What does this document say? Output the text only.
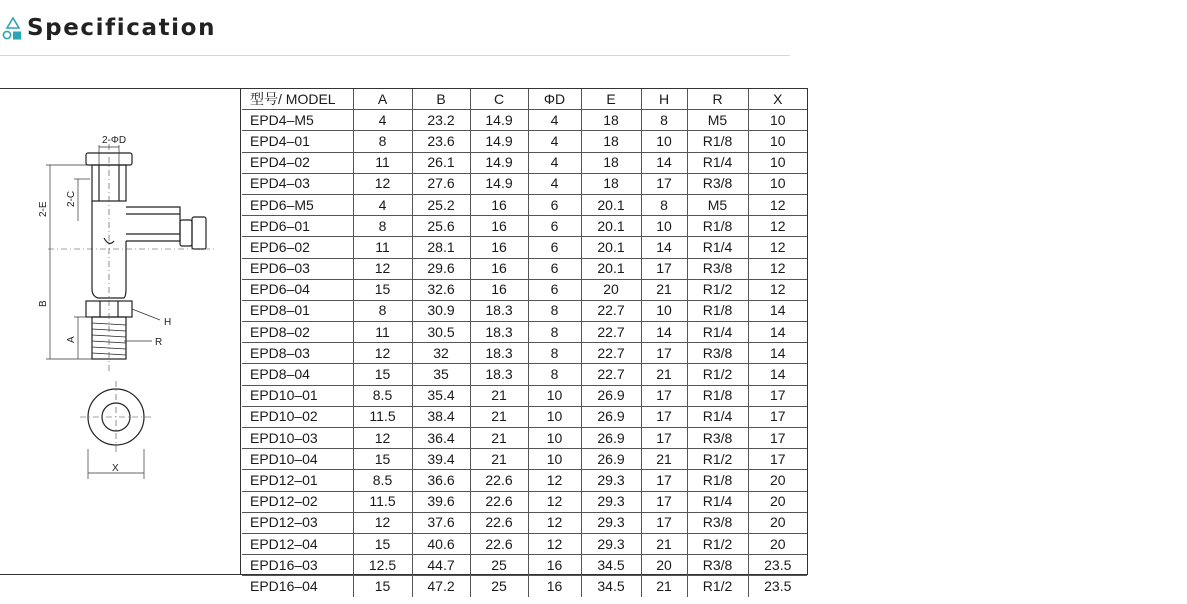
Specification
2-ΦD
2-C
2-E
B
A
H
R
X
型号/ MODEL	A	B	C	ΦD	E	H	R	X
EPD4–M5	4	23.2	14.9	4	18	8	M5	10
EPD4–01	8	23.6	14.9	4	18	10	R1/8	10
EPD4–02	11	26.1	14.9	4	18	14	R1/4	10
EPD4–03	12	27.6	14.9	4	18	17	R3/8	10
EPD6–M5	4	25.2	16	6	20.1	8	M5	12
EPD6–01	8	25.6	16	6	20.1	10	R1/8	12
EPD6–02	11	28.1	16	6	20.1	14	R1/4	12
EPD6–03	12	29.6	16	6	20.1	17	R3/8	12
EPD6–04	15	32.6	16	6	20	21	R1/2	12
EPD8–01	8	30.9	18.3	8	22.7	10	R1/8	14
EPD8–02	11	30.5	18.3	8	22.7	14	R1/4	14
EPD8–03	12	32	18.3	8	22.7	17	R3/8	14
EPD8–04	15	35	18.3	8	22.7	21	R1/2	14
EPD10–01	8.5	35.4	21	10	26.9	17	R1/8	17
EPD10–02	11.5	38.4	21	10	26.9	17	R1/4	17
EPD10–03	12	36.4	21	10	26.9	17	R3/8	17
EPD10–04	15	39.4	21	10	26.9	21	R1/2	17
EPD12–01	8.5	36.6	22.6	12	29.3	17	R1/8	20
EPD12–02	11.5	39.6	22.6	12	29.3	17	R1/4	20
EPD12–03	12	37.6	22.6	12	29.3	17	R3/8	20
EPD12–04	15	40.6	22.6	12	29.3	21	R1/2	20
EPD16–03	12.5	44.7	25	16	34.5	20	R3/8	23.5
EPD16–04	15	47.2	25	16	34.5	21	R1/2	23.5
